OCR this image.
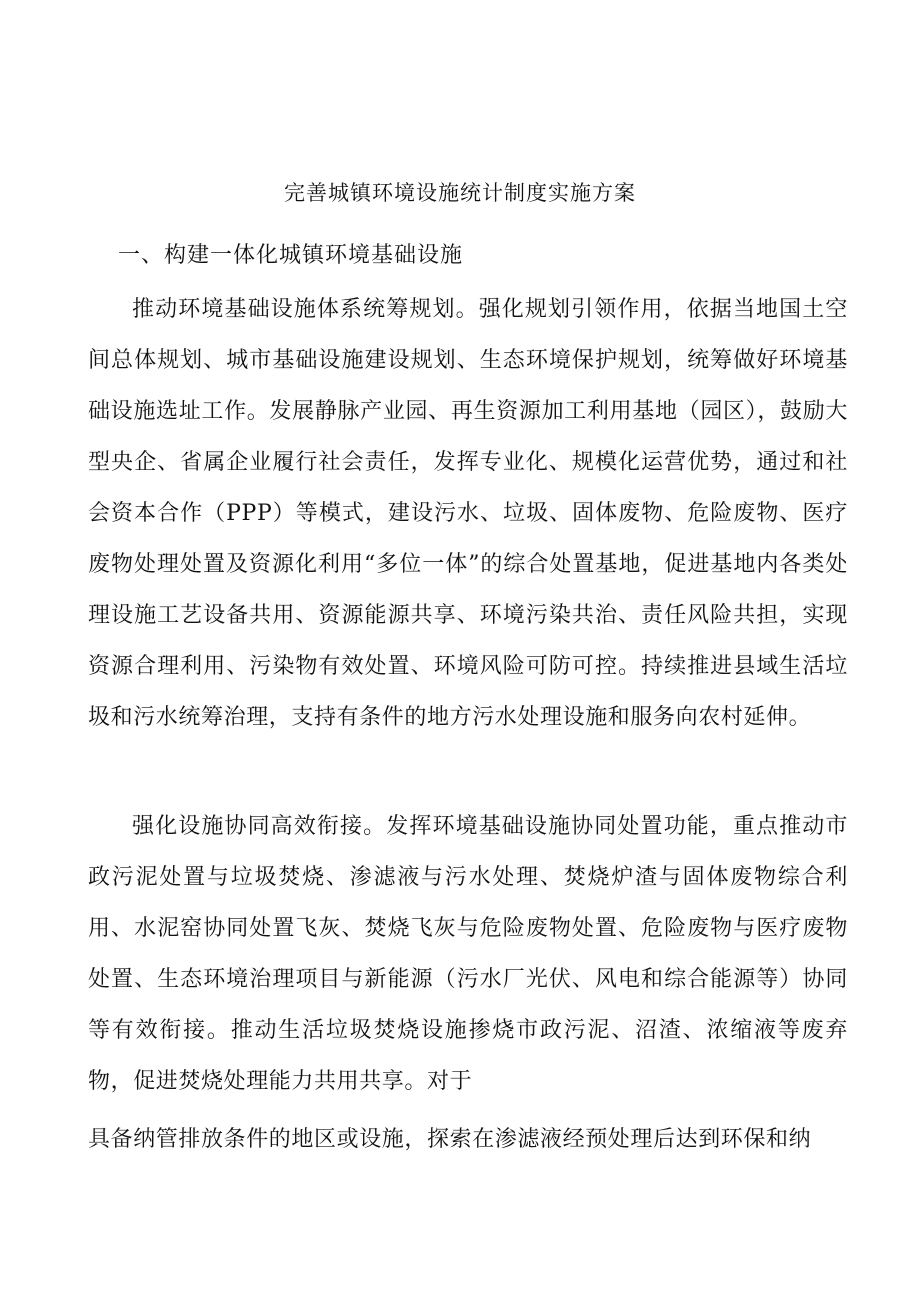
完善城镇环境设施统计制度实施方案
一、构建一体化城镇环境基础设施

推动环境基础设施体系统筹规划。强化规划引领作用，依据当地国土空间总体规划、城市基础设施建设规划、生态环境保护规划，统筹做好环境基础设施选址工作。发展静脉产业园、再生资源加工利用基地（园区），鼓励大型央企、省属企业履行社会责任，发挥专业化、规模化运营优势，通过和社会资本合作（PPP）等模式，建设污水、垃圾、固体废物、危险废物、医疗废物处理处置及资源化利用“多位一体”的综合处置基地，促进基地内各类处理设施工艺设备共用、资源能源共享、环境污染共治、责任风险共担，实现资源合理利用、污染物有效处置、环境风险可防可控。持续推进县域生活垃圾和污水统筹治理，支持有条件的地方污水处理设施和服务向农村延伸。

强化设施协同高效衔接。发挥环境基础设施协同处置功能，重点推动市政污泥处置与垃圾焚烧、渗滤液与污水处理、焚烧炉渣与固体废物综合利用、水泥窑协同处置飞灰、焚烧飞灰与危险废物处置、危险废物与医疗废物处置、生态环境治理项目与新能源（污水厂光伏、风电和综合能源等）协同等有效衔接。推动生活垃圾焚烧设施掺烧市政污泥、沼渣、浓缩液等废弃物，促进焚烧处理能力共用共享。对于

具备纳管排放条件的地区或设施，探索在渗滤液经预处理后达到环保和纳
